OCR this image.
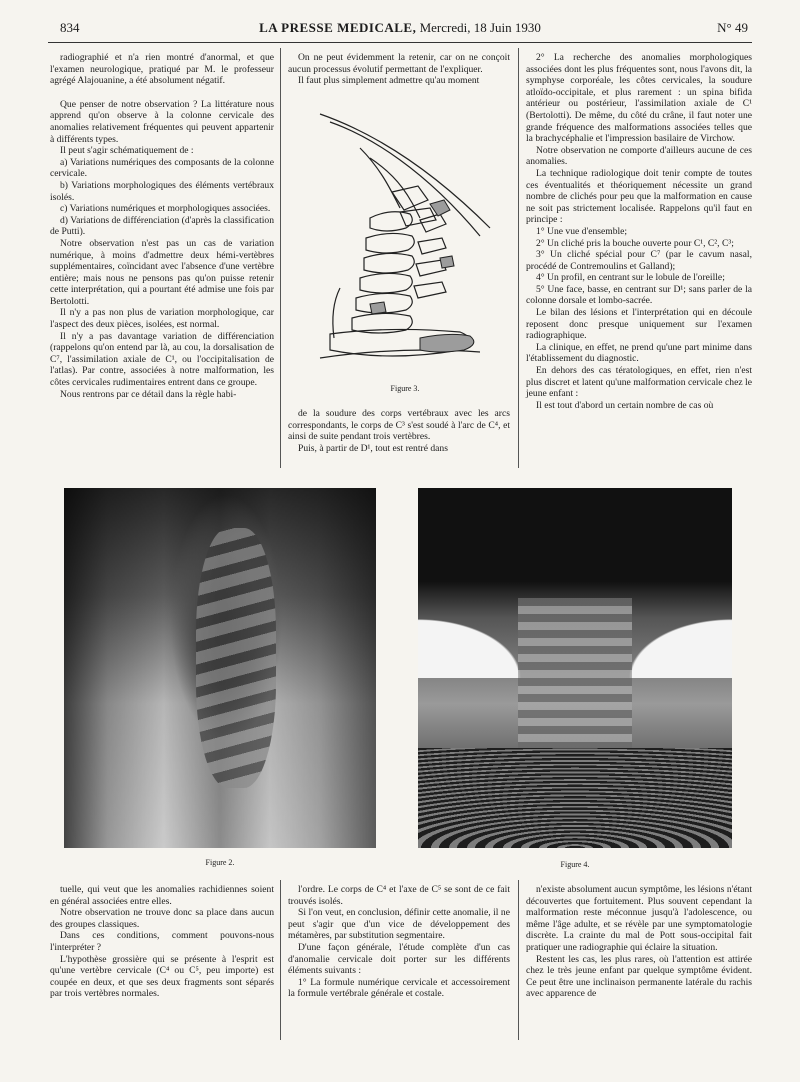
834	LA PRESSE MEDICALE, Mercredi, 18 Juin 1930	N° 49

radiographié et n'a rien montré d'anormal, et que l'examen neurologique, pratiqué par M. le professeur agrégé Alajouanine, a été absolument négatif.

Que penser de notre observation ? La littérature nous apprend qu'on observe à la colonne cervicale des anomalies relativement fréquentes qui peuvent appartenir à différents types.

Il peut s'agir schématiquement de :

a) Variations numériques des composants de la colonne cervicale.

b) Variations morphologiques des éléments vertébraux isolés.

c) Variations numériques et morphologiques associées.

d) Variations de différenciation (d'après la classification de Putti).

Notre observation n'est pas un cas de variation numérique, à moins d'admettre deux hémi-vertèbres supplémentaires, coïncidant avec l'absence d'une vertèbre entière; mais nous ne pensons pas qu'on puisse retenir cette interprétation, qui a pourtant été admise une fois par Bertolotti.

Il n'y a pas non plus de variation morphologique, car l'aspect des deux pièces, isolées, est normal.

Il n'y a pas davantage variation de différenciation (rappelons qu'on entend par là, au cou, la dorsalisation de C⁷, l'assimilation axiale de C¹, ou l'occipitalisation de l'atlas). Par contre, associées à notre malformation, les côtes cervicales rudimentaires entrent dans ce groupe.

Nous rentrons par ce détail dans la règle habi-

On ne peut évidemment la retenir, car on ne conçoit aucun processus évolutif permettant de l'expliquer.

Il faut plus simplement admettre qu'au moment

Figure 3.

de la soudure des corps vertébraux avec les arcs correspondants, le corps de C³ s'est soudé à l'arc de C⁴, et ainsi de suite pendant trois vertèbres.

Puis, à partir de D¹, tout est rentré dans

2° La recherche des anomalies morphologiques associées dont les plus fréquentes sont, nous l'avons dit, la symphyse corporéale, les côtes cervicales, la soudure atloïdo-occipitale, et plus rarement : un spina bifida antérieur ou postérieur, l'assimilation axiale de C¹ (Bertolotti). De même, du côté du crâne, il faut noter une grande fréquence des malformations associées telles que la brachycéphalie et l'impression basilaire de Virchow.

Notre observation ne comporte d'ailleurs aucune de ces anomalies.

La technique radiologique doit tenir compte de toutes ces éventualités et théoriquement nécessite un grand nombre de clichés pour peu que la malformation en cause ne soit pas strictement localisée. Rappelons qu'il faut en principe :

1° Une vue d'ensemble;

2° Un cliché pris la bouche ouverte pour C¹, C², C³;

3° Un cliché spécial pour C⁷ (par le cavum nasal, procédé de Contremoulins et Galland);

4° Un profil, en centrant sur le lobule de l'oreille;

5° Une face, basse, en centrant sur D¹; sans parler de la colonne dorsale et lombo-sacrée.

Le bilan des lésions et l'interprétation qui en découle reposent donc presque uniquement sur l'examen radiographique.

La clinique, en effet, ne prend qu'une part minime dans l'établissement du diagnostic.

En dehors des cas tératologiques, en effet, rien n'est plus discret et latent qu'une malformation cervicale chez le jeune enfant :

Il est tout d'abord un certain nombre de cas où

Figure 2.	Figure 4.

tuelle, qui veut que les anomalies rachidiennes soient en général associées entre elles.

Notre observation ne trouve donc sa place dans aucun des groupes classiques.

Dans ces conditions, comment pouvons-nous l'interpréter ?

L'hypothèse grossière qui se présente à l'esprit est qu'une vertèbre cervicale (C⁴ ou C⁵, peu importe) est coupée en deux, et que ses deux fragments sont séparés par trois vertèbres normales.

l'ordre. Le corps de C⁴ et l'axe de C⁵ se sont de ce fait trouvés isolés.

Si l'on veut, en conclusion, définir cette anomalie, il ne peut s'agir que d'un vice de développement des métamères, par substitution segmentaire.

D'une façon générale, l'étude complète d'un cas d'anomalie cervicale doit porter sur les différents éléments suivants :

1° La formule numérique cervicale et accessoirement la formule vertébrale générale et costale.

n'existe absolument aucun symptôme, les lésions n'étant découvertes que fortuitement. Plus souvent cependant la malformation reste méconnue jusqu'à l'adolescence, ou même l'âge adulte, et se révèle par une symptomatologie discrète. La crainte du mal de Pott sous-occipital fait pratiquer une radiographie qui éclaire la situation.

Restent les cas, les plus rares, où l'attention est attirée chez le très jeune enfant par quelque symptôme évident. Ce peut être une inclinaison permanente latérale du rachis avec apparence de
